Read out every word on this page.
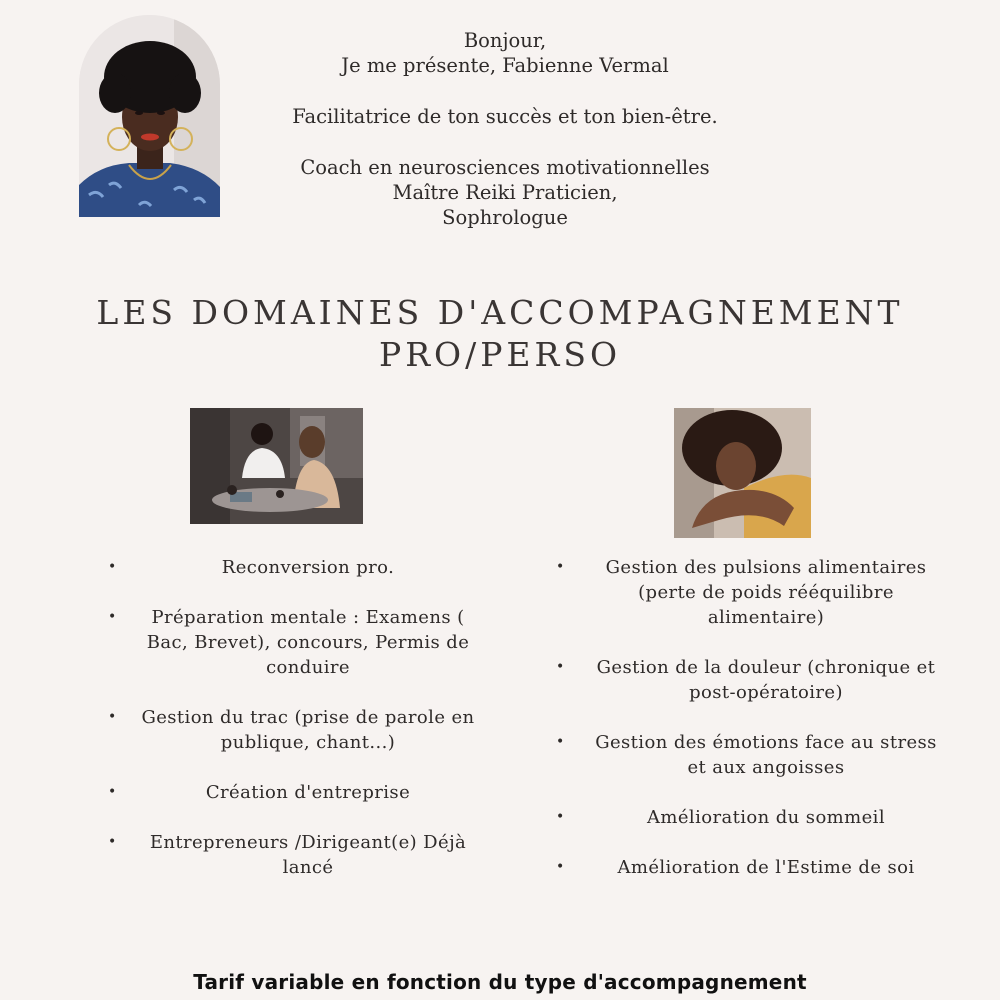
Bonjour,
Je me présente, Fabienne Vermal
Facilitatrice de ton succès et ton bien-être.
Coach en neurosciences motivationnelles
Maître Reiki Praticien,
Sophrologue
LES DOMAINES D'ACCOMPAGNEMENT
PRO/PERSO
•	Reconversion pro.
• Préparation mentale : Examens ( Bac, Brevet), concours, Permis de conduire
• Gestion du trac (prise de parole en publique, chant...)
•	Création d'entreprise
• Entrepreneurs /Dirigeant(e) Déjà lancé
• Gestion des pulsions alimentaires (perte de poids rééquilibre alimentaire)
• Gestion de la douleur (chronique et post-opératoire)
• Gestion des émotions face au stress et aux angoisses
•	Amélioration du sommeil
•	Amélioration de l'Estime de soi
Tarif variable en fonction du type d'accompagnement
